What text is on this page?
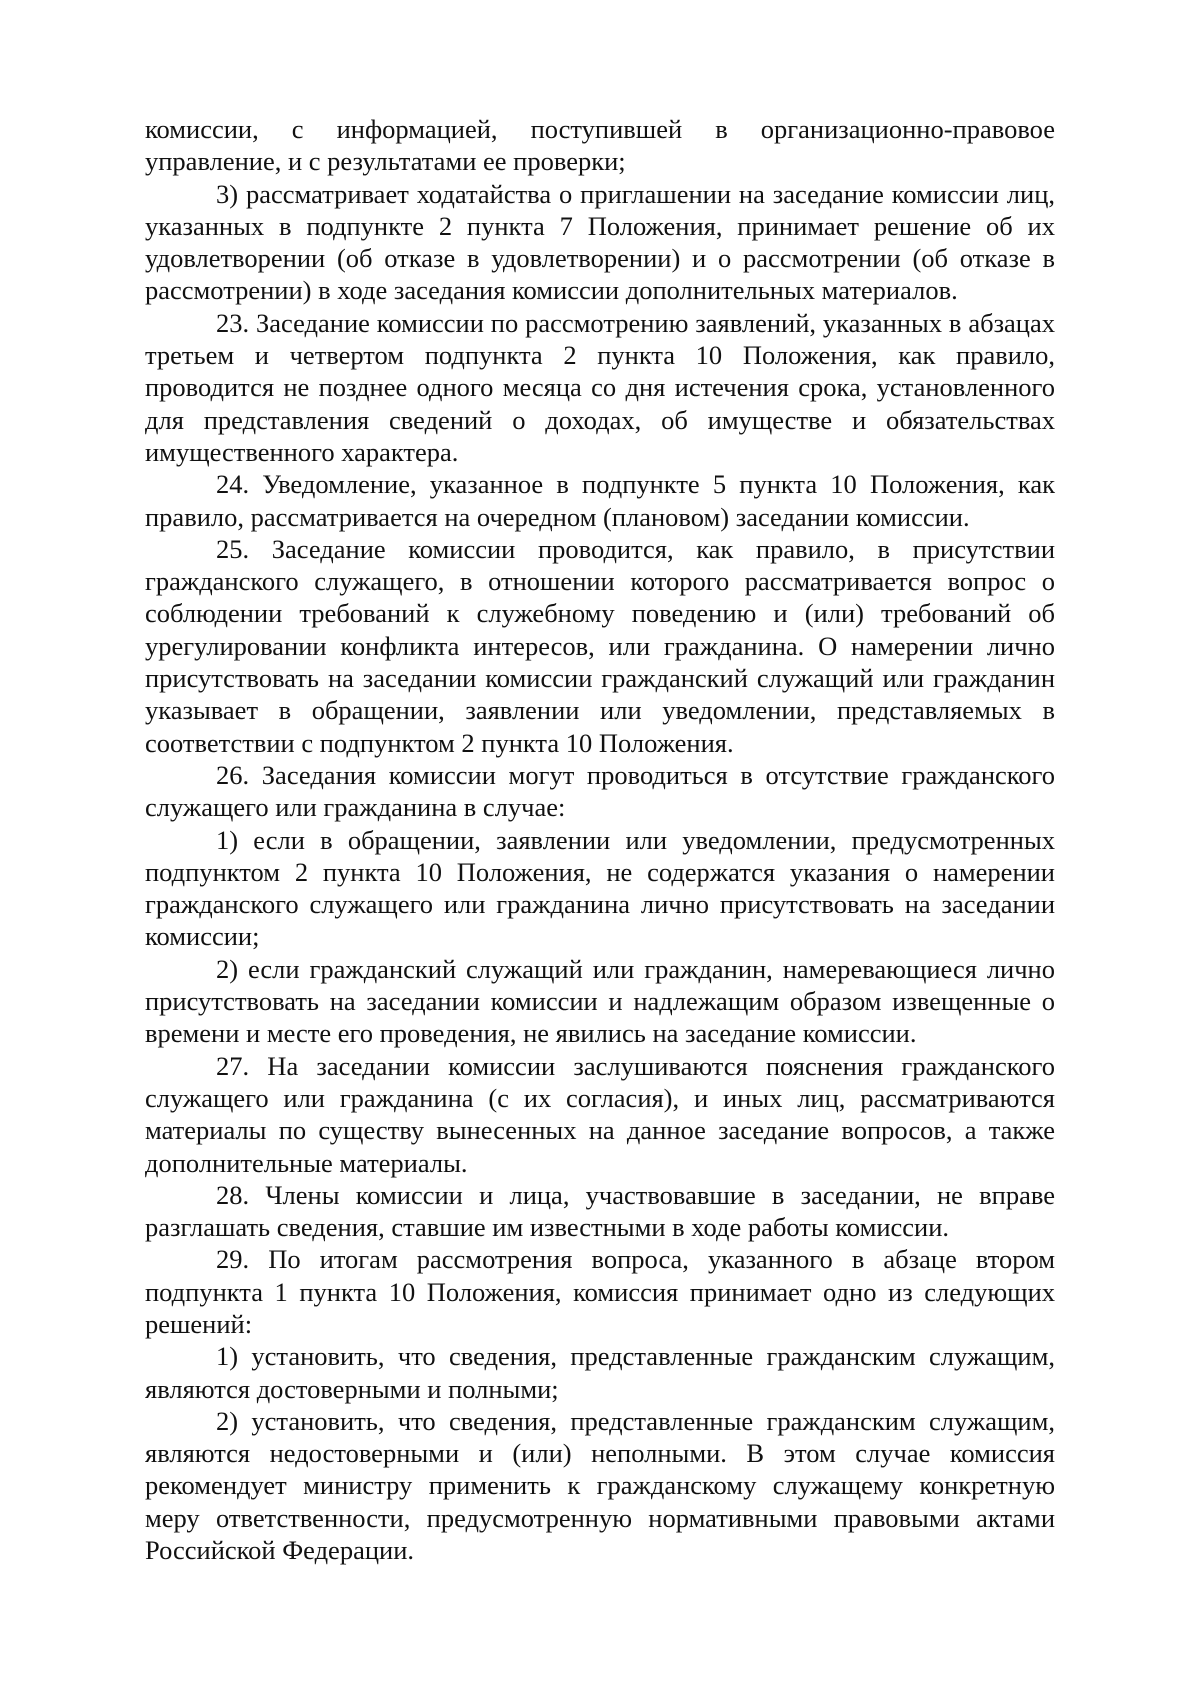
комиссии, с информацией, поступившей в организационно-правовое управление, и с результатами ее проверки;

3) рассматривает ходатайства о приглашении на заседание комиссии лиц, указанных в подпункте 2 пункта 7 Положения, принимает решение об их удовлетворении (об отказе в удовлетворении) и о рассмотрении (об отказе в рассмотрении) в ходе заседания комиссии дополнительных материалов.

23. Заседание комиссии по рассмотрению заявлений, указанных в абзацах третьем и четвертом подпункта 2 пункта 10 Положения, как правило, проводится не позднее одного месяца со дня истечения срока, установленного для представления сведений о доходах, об имуществе и обязательствах имущественного характера.

24. Уведомление, указанное в подпункте 5 пункта 10 Положения, как правило, рассматривается на очередном (плановом) заседании комиссии.

25. Заседание комиссии проводится, как правило, в присутствии гражданского служащего, в отношении которого рассматривается вопрос о соблюдении требований к служебному поведению и (или) требований об урегулировании конфликта интересов, или гражданина. О намерении лично присутствовать на заседании комиссии гражданский служащий или гражданин указывает в обращении, заявлении или уведомлении, представляемых в соответствии с подпунктом 2 пункта 10 Положения.

26. Заседания комиссии могут проводиться в отсутствие гражданского служащего или гражданина в случае:

1) если в обращении, заявлении или уведомлении, предусмотренных подпунктом 2 пункта 10 Положения, не содержатся указания о намерении гражданского служащего или гражданина лично присутствовать на заседании комиссии;

2) если гражданский служащий или гражданин, намеревающиеся лично присутствовать на заседании комиссии и надлежащим образом извещенные о времени и месте его проведения, не явились на заседание комиссии.

27. На заседании комиссии заслушиваются пояснения гражданского служащего или гражданина (с их согласия), и иных лиц, рассматриваются материалы по существу вынесенных на данное заседание вопросов, а также дополнительные материалы.

28. Члены комиссии и лица, участвовавшие в заседании, не вправе разглашать сведения, ставшие им известными в ходе работы комиссии.

29. По итогам рассмотрения вопроса, указанного в абзаце втором подпункта 1 пункта 10 Положения, комиссия принимает одно из следующих решений:

1) установить, что сведения, представленные гражданским служащим, являются достоверными и полными;

2) установить, что сведения, представленные гражданским служащим, являются недостоверными и (или) неполными. В этом случае комиссия рекомендует министру применить к гражданскому служащему конкретную меру ответственности, предусмотренную нормативными правовыми актами Российской Федерации.
